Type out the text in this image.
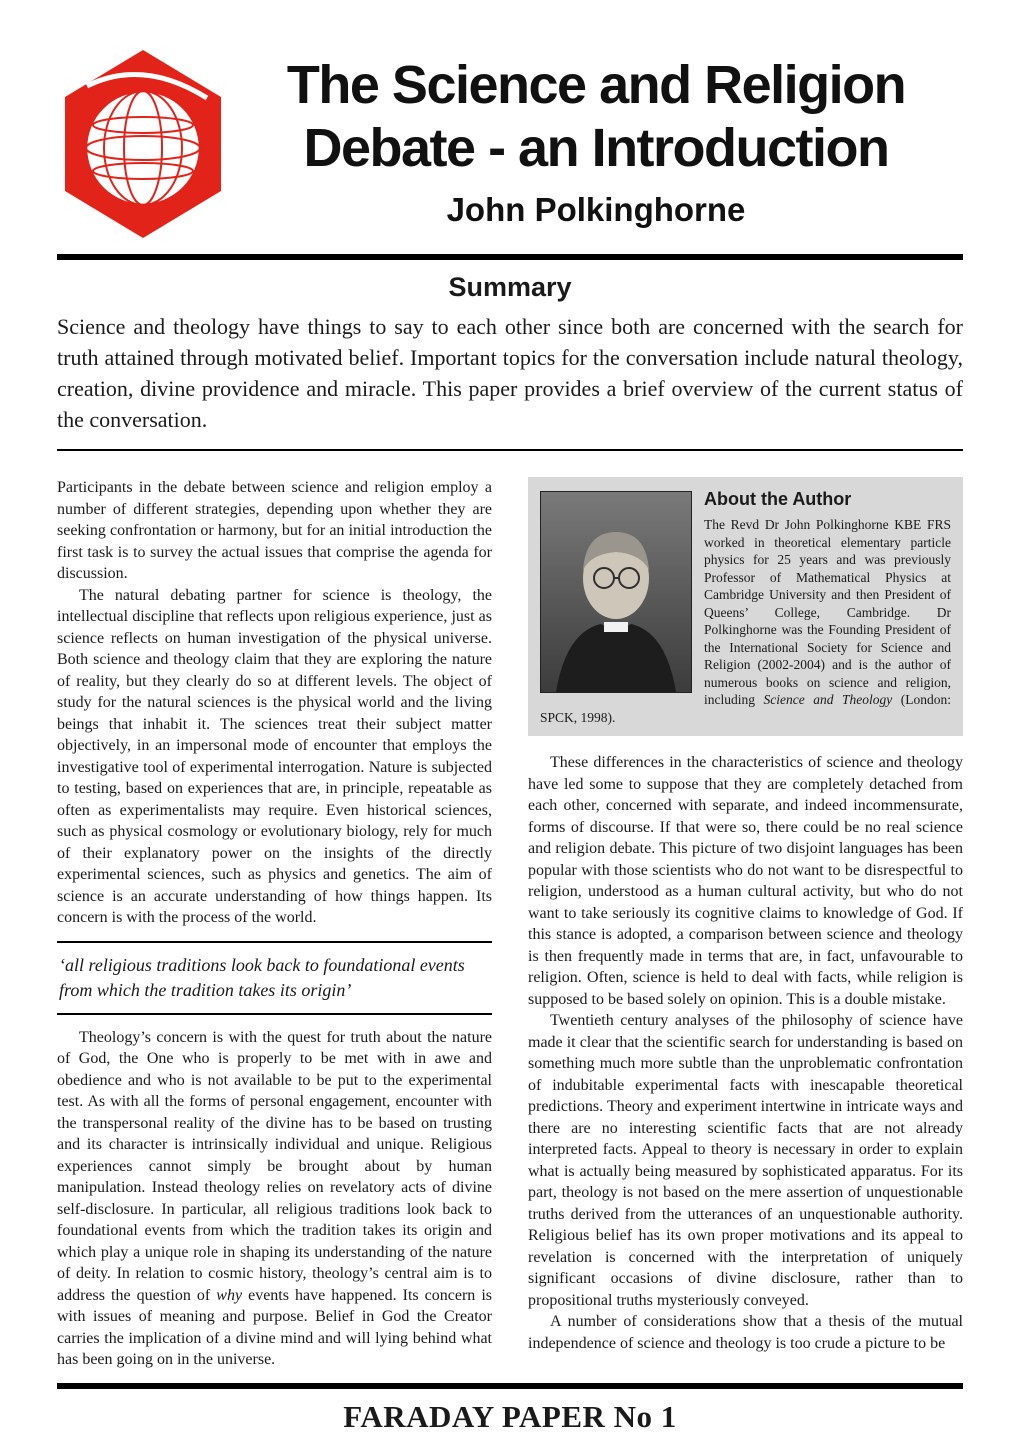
The Science and Religion
Debate - an Introduction
John Polkinghorne
Summary
Science and theology have things to say to each other since both are concerned with the search for truth attained through motivated belief. Important topics for the conversation include natural theology, creation, divine providence and miracle. This paper provides a brief overview of the current status of the conversation.

Participants in the debate between science and religion employ a number of different strategies, depending upon whether they are seeking confrontation or harmony, but for an initial introduction the first task is to survey the actual issues that comprise the agenda for discussion.

The natural debating partner for science is theology, the intellectual discipline that reflects upon religious experience, just as science reflects on human investigation of the physical universe. Both science and theology claim that they are exploring the nature of reality, but they clearly do so at different levels. The object of study for the natural sciences is the physical world and the living beings that inhabit it. The sciences treat their subject matter objectively, in an impersonal mode of encounter that employs the investigative tool of experimental interrogation. Nature is subjected to testing, based on experiences that are, in principle, repeatable as often as experimentalists may require. Even historical sciences, such as physical cosmology or evolutionary biology, rely for much of their explanatory power on the insights of the directly experimental sciences, such as physics and genetics. The aim of science is an accurate understanding of how things happen. Its concern is with the process of the world.

‘all religious traditions look back to foundational events from which the tradition takes its origin’

Theology’s concern is with the quest for truth about the nature of God, the One who is properly to be met with in awe and obedience and who is not available to be put to the experimental test. As with all the forms of personal engagement, encounter with the transpersonal reality of the divine has to be based on trusting and its character is intrinsically individual and unique. Religious experiences cannot simply be brought about by human manipulation. Instead theology relies on revelatory acts of divine self-disclosure. In particular, all religious traditions look back to foundational events from which the tradition takes its origin and which play a unique role in shaping its understanding of the nature of deity. In relation to cosmic history, theology’s central aim is to address the question of why events have happened. Its concern is with issues of meaning and purpose. Belief in God the Creator carries the implication of a divine mind and will lying behind what has been going on in the universe.

About the Author

The Revd Dr John Polkinghorne KBE FRS worked in theoretical elementary particle physics for 25 years and was previously Professor of Mathematical Physics at Cambridge University and then President of Queens’ College, Cambridge. Dr Polkinghorne was the Founding President of the International Society for Science and Religion (2002-2004) and is the author of numerous books on science and religion, including Science and Theology (London: SPCK, 1998).

These differences in the characteristics of science and theology have led some to suppose that they are completely detached from each other, concerned with separate, and indeed incommensurate, forms of discourse. If that were so, there could be no real science and religion debate. This picture of two disjoint languages has been popular with those scientists who do not want to be disrespectful to religion, understood as a human cultural activity, but who do not want to take seriously its cognitive claims to knowledge of God. If this stance is adopted, a comparison between science and theology is then frequently made in terms that are, in fact, unfavourable to religion. Often, science is held to deal with facts, while religion is supposed to be based solely on opinion. This is a double mistake.

Twentieth century analyses of the philosophy of science have made it clear that the scientific search for understanding is based on something much more subtle than the unproblematic confrontation of indubitable experimental facts with inescapable theoretical predictions. Theory and experiment intertwine in intricate ways and there are no interesting scientific facts that are not already interpreted facts. Appeal to theory is necessary in order to explain what is actually being measured by sophisticated apparatus. For its part, theology is not based on the mere assertion of unquestionable truths derived from the utterances of an unquestionable authority. Religious belief has its own proper motivations and its appeal to revelation is concerned with the interpretation of uniquely significant occasions of divine disclosure, rather than to propositional truths mysteriously conveyed.

A number of considerations show that a thesis of the mutual independence of science and theology is too crude a picture to be

FARADAY PAPER No 1
